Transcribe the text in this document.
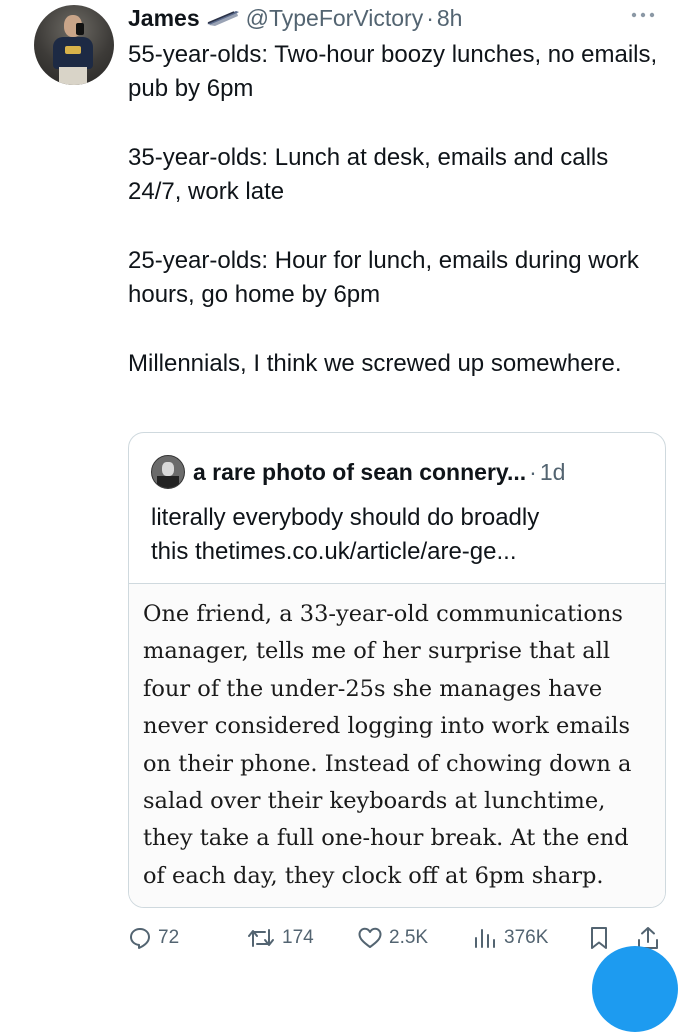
James @TypeForVictory · 8h

55-year-olds: Two-hour boozy lunches, no emails, pub by 6pm

35-year-olds: Lunch at desk, emails and calls 24/7, work late

25-year-olds: Hour for lunch, emails during work hours, go home by 6pm

Millennials, I think we screwed up somewhere.

a rare photo of sean connery... · 1d
literally everybody should do broadly
this thetimes.co.uk/article/are-ge...
One friend, a 33-year-old communications
manager, tells me of her surprise that all
four of the under-25s she manages have
never considered logging into work emails
on their phone. Instead of chowing down a
salad over their keyboards at lunchtime,
they take a full one-hour break. At the end
of each day, they clock off at 6pm sharp.
72	174	2.5K	376K
